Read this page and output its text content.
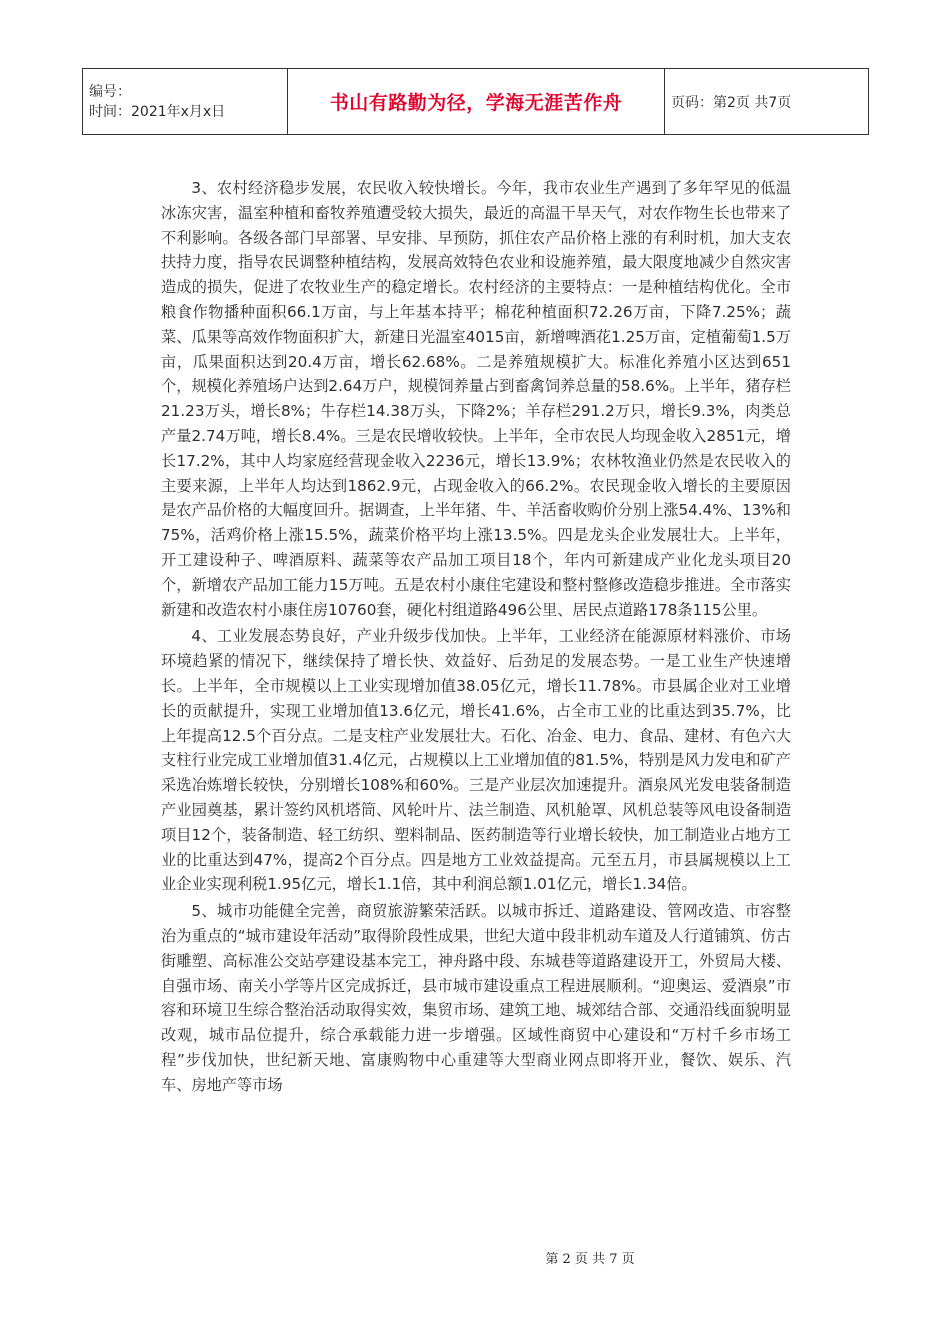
编号：
时间：2021年x月x日	书山有路勤为径，学海无涯苦作舟	页码：第2页 共7页

3、农村经济稳步发展，农民收入较快增长。今年，我市农业生产遇到了多年罕见的低温冰冻灾害，温室种植和畜牧养殖遭受较大损失，最近的高温干旱天气，对农作物生长也带来了不利影响。各级各部门早部署、早安排、早预防，抓住农产品价格上涨的有利时机，加大支农扶持力度，指导农民调整种植结构，发展高效特色农业和设施养殖，最大限度地减少自然灾害造成的损失，促进了农牧业生产的稳定增长。农村经济的主要特点：一是种植结构优化。全市粮食作物播种面积66.1万亩，与上年基本持平；棉花种植面积72.26万亩，下降7.25%；蔬菜、瓜果等高效作物面积扩大，新建日光温室4015亩，新增啤酒花1.25万亩，定植葡萄1.5万亩，瓜果面积达到20.4万亩，增长62.68%。二是养殖规模扩大。标准化养殖小区达到651个，规模化养殖场户达到2.64万户，规模饲养量占到畜禽饲养总量的58.6%。上半年，猪存栏21.23万头，增长8%；牛存栏14.38万头，下降2%；羊存栏291.2万只，增长9.3%，肉类总产量2.74万吨，增长8.4%。三是农民增收较快。上半年，全市农民人均现金收入2851元，增长17.2%，其中人均家庭经营现金收入2236元，增长13.9%；农林牧渔业仍然是农民收入的主要来源，上半年人均达到1862.9元，占现金收入的66.2%。农民现金收入增长的主要原因是农产品价格的大幅度回升。据调查，上半年猪、牛、羊活畜收购价分别上涨54.4%、13%和75%，活鸡价格上涨15.5%，蔬菜价格平均上涨13.5%。四是龙头企业发展壮大。上半年，开工建设种子、啤酒原料、蔬菜等农产品加工项目18个，年内可新建成产业化龙头项目20个，新增农产品加工能力15万吨。五是农村小康住宅建设和整村整修改造稳步推进。全市落实新建和改造农村小康住房10760套，硬化村组道路496公里、居民点道路178条115公里。

4、工业发展态势良好，产业升级步伐加快。上半年，工业经济在能源原材料涨价、市场环境趋紧的情况下，继续保持了增长快、效益好、后劲足的发展态势。一是工业生产快速增长。上半年，全市规模以上工业实现增加值38.05亿元，增长11.78%。市县属企业对工业增长的贡献提升，实现工业增加值13.6亿元，增长41.6%，占全市工业的比重达到35.7%，比上年提高12.5个百分点。二是支柱产业发展壮大。石化、冶金、电力、食品、建材、有色六大支柱行业完成工业增加值31.4亿元，占规模以上工业增加值的81.5%，特别是风力发电和矿产采选冶炼增长较快，分别增长108%和60%。三是产业层次加速提升。酒泉风光发电装备制造产业园奠基，累计签约风机塔筒、风轮叶片、法兰制造、风机舱罩、风机总装等风电设备制造项目12个，装备制造、轻工纺织、塑料制品、医药制造等行业增长较快，加工制造业占地方工业的比重达到47%，提高2个百分点。四是地方工业效益提高。元至五月，市县属规模以上工业企业实现利税1.95亿元，增长1.1倍，其中利润总额1.01亿元，增长1.34倍。

5、城市功能健全完善，商贸旅游繁荣活跃。以城市拆迁、道路建设、管网改造、市容整治为重点的“城市建设年活动”取得阶段性成果，世纪大道中段非机动车道及人行道铺筑、仿古街雕塑、高标准公交站亭建设基本完工，神舟路中段、东城巷等道路建设开工，外贸局大楼、自强市场、南关小学等片区完成拆迁，县市城市建设重点工程进展顺利。“迎奥运、爱酒泉”市容和环境卫生综合整治活动取得实效，集贸市场、建筑工地、城郊结合部、交通沿线面貌明显改观，城市品位提升，综合承载能力进一步增强。区域性商贸中心建设和“万村千乡市场工程”步伐加快，世纪新天地、富康购物中心重建等大型商业网点即将开业，餐饮、娱乐、汽车、房地产等市场

第 2 页 共 7 页
